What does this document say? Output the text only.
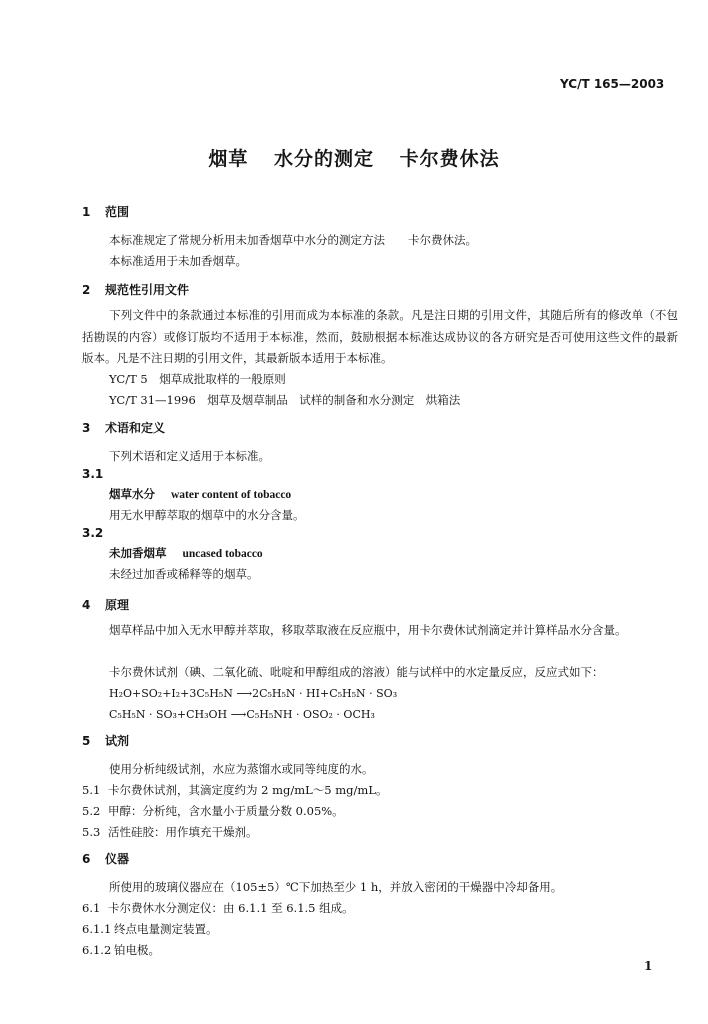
YC/T 165—2003
烟草 水分的测定 卡尔费休法
1 范围
本标准规定了常规分析用未加香烟草中水分的测定方法　　卡尔费休法。
本标准适用于未加香烟草。
2 规范性引用文件
下列文件中的条款通过本标准的引用而成为本标准的条款。凡是注日期的引用文件，其随后所有的修改单（不包括勘误的内容）或修订版均不适用于本标准，然而，鼓励根据本标准达成协议的各方研究是否可使用这些文件的最新版本。凡是不注日期的引用文件，其最新版本适用于本标准。
YC/T 5　烟草成批取样的一般原则
YC/T 31—1996　烟草及烟草制品　试样的制备和水分测定　烘箱法
3 术语和定义
下列术语和定义适用于本标准。
3.1
烟草水分 water content of tobacco
用无水甲醇萃取的烟草中的水分含量。
3.2
未加香烟草 uncased tobacco
未经过加香或稀释等的烟草。
4 原理
烟草样品中加入无水甲醇并萃取，移取萃取液在反应瓶中，用卡尔费休试剂滴定并计算样品水分含量。
卡尔费休试剂（碘、二氧化硫、吡啶和甲醇组成的溶液）能与试样中的水定量反应，反应式如下：
H₂O+SO₂+I₂+3C₅H₅N ⟶2C₅H₅N · HI+C₅H₅N · SO₃
C₅H₅N · SO₃+CH₃OH ⟶C₅H₅NH · OSO₂ · OCH₃
5 试剂
使用分析纯级试剂，水应为蒸馏水或同等纯度的水。
5.1 卡尔费休试剂，其滴定度约为 2 mg/mL～5 mg/mL。
5.2 甲醇：分析纯，含水量小于质量分数 0.05%。
5.3 活性硅胶：用作填充干燥剂。
6 仪器
所使用的玻璃仪器应在（105±5）℃下加热至少 1 h，并放入密闭的干燥器中冷却备用。
6.1 卡尔费休水分测定仪：由 6.1.1 至 6.1.5 组成。
6.1.1 终点电量测定装置。
6.1.2 铂电极。
1
